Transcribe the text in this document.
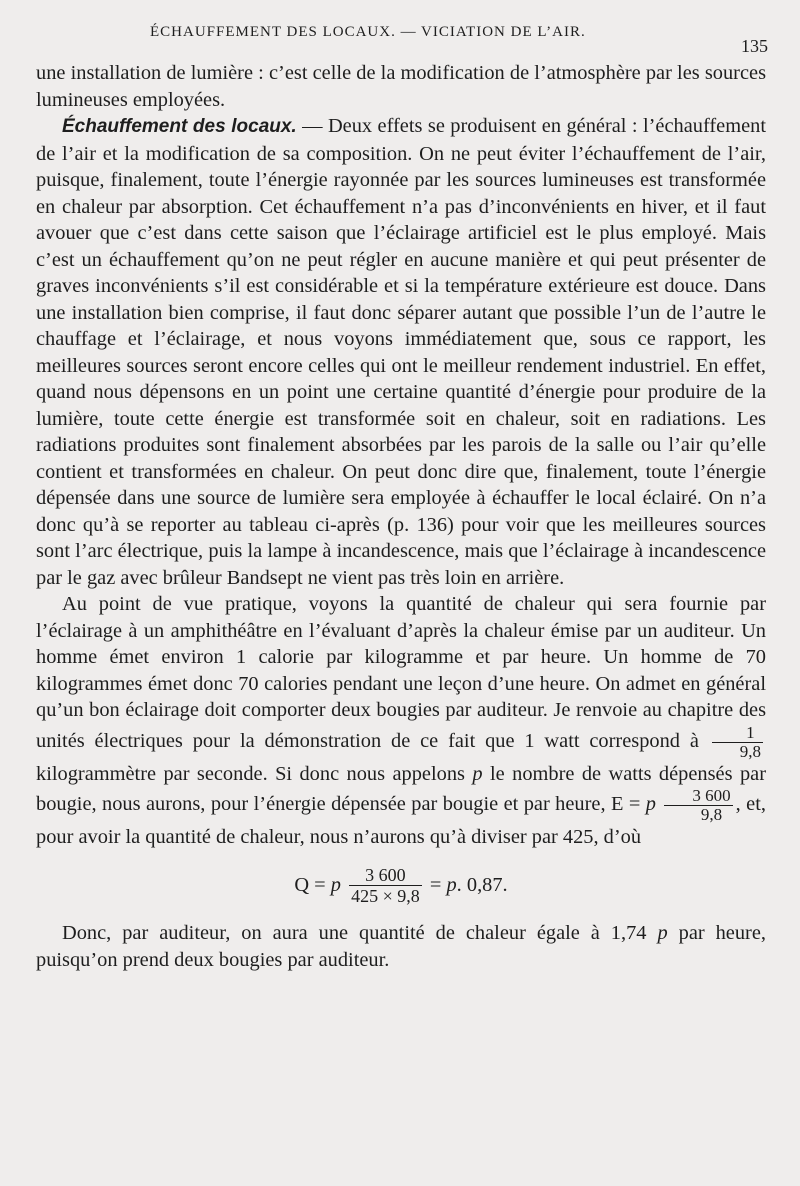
ÉCHAUFFEMENT DES LOCAUX. — VICIATION DE L’AIR.
135

une installation de lumière : c’est celle de la modification de l’atmosphère par les sources lumineuses employées.

Échauffement des locaux. — Deux effets se produisent en général : l’échauffement de l’air et la modification de sa composition. On ne peut éviter l’échauffement de l’air, puisque, finalement, toute l’énergie rayonnée par les sources lumineuses est transformée en chaleur par absorption. Cet échauffement n’a pas d’inconvénients en hiver, et il faut avouer que c’est dans cette saison que l’éclairage artificiel est le plus employé. Mais c’est un échauffement qu’on ne peut régler en aucune manière et qui peut présenter de graves inconvénients s’il est considérable et si la température extérieure est douce. Dans une installation bien comprise, il faut donc séparer autant que possible l’un de l’autre le chauffage et l’éclairage, et nous voyons immédiatement que, sous ce rapport, les meilleures sources seront encore celles qui ont le meilleur rendement industriel. En effet, quand nous dépensons en un point une certaine quantité d’énergie pour produire de la lumière, toute cette énergie est transformée soit en chaleur, soit en radiations. Les radiations produites sont finalement absorbées par les parois de la salle ou l’air qu’elle contient et transformées en chaleur. On peut donc dire que, finalement, toute l’énergie dépensée dans une source de lumière sera employée à échauffer le local éclairé. On n’a donc qu’à se reporter au tableau ci-après (p. 136) pour voir que les meilleures sources sont l’arc électrique, puis la lampe à incandescence, mais que l’éclairage à incandescence par le gaz avec brûleur Bandsept ne vient pas très loin en arrière.

Au point de vue pratique, voyons la quantité de chaleur qui sera fournie par l’éclairage à un amphithéâtre en l’évaluant d’après la chaleur émise par un auditeur. Un homme émet environ 1 calorie par kilogramme et par heure. Un homme de 70 kilogrammes émet donc 70 calories pendant une leçon d’une heure. On admet en général qu’un bon éclairage doit comporter deux bougies par auditeur. Je renvoie au chapitre des unités électriques pour la démonstration de ce fait que 1 watt correspond à $\frac{1}{9,8}$
kilogrammètre par seconde. Si donc nous appelons p le nombre de watts dépensés par bougie, nous aurons, pour l’énergie dépensée par bougie et par heure, E = p $\frac{3 600}{9,8}$ , et, pour avoir la quantité de chaleur, nous n’aurons qu’à diviser par 425, d’où

Q = p $\frac{3 600}{425 \times 9,8} = p$. 0,87.

Donc, par auditeur, on aura une quantité de chaleur égale à 1,74 p par heure, puisqu’on prend deux bougies par auditeur.
